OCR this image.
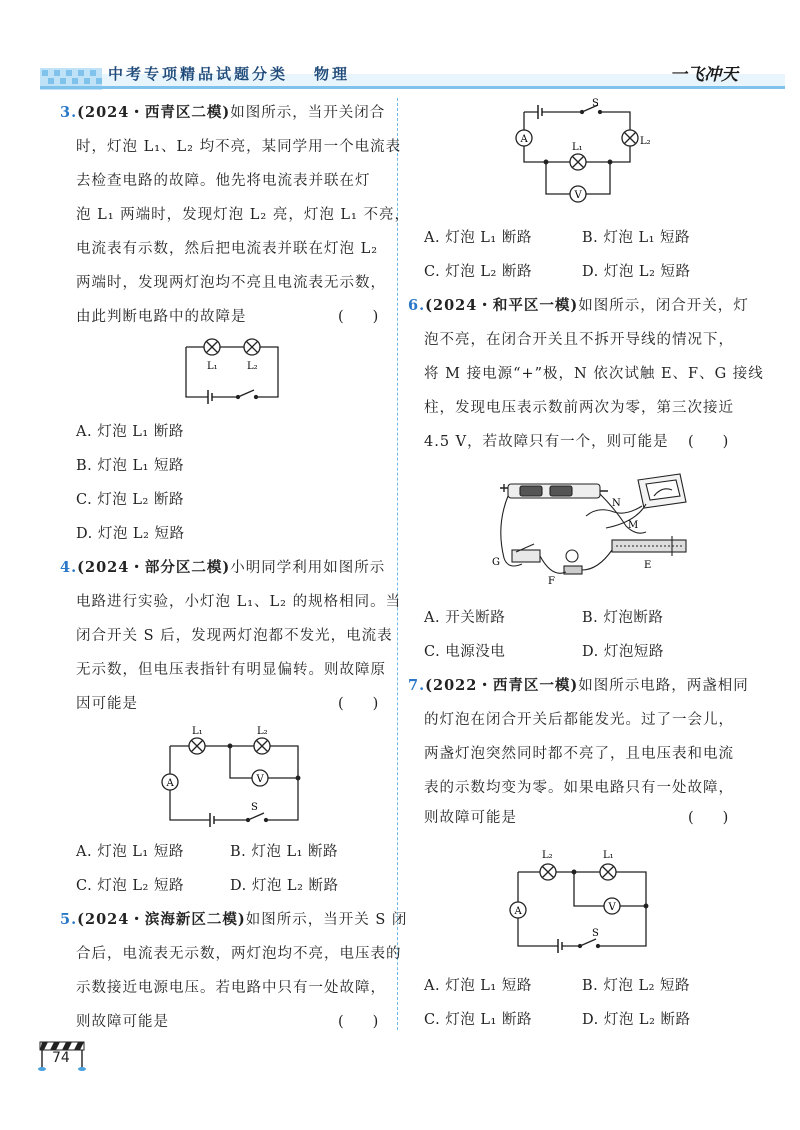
中考专项精品试题分类 物理	一飞冲天
3.(2024・西青区二模)如图所示，当开关闭合
时，灯泡 L₁、L₂ 均不亮，某同学用一个电流表
去检查电路的故障。他先将电流表并联在灯
泡 L₁ 两端时，发现灯泡 L₂ 亮，灯泡 L₁ 不亮，
电流表有示数，然后把电流表并联在灯泡 L₂
两端时，发现两灯泡均不亮且电流表无示数，
由此判断电路中的故障是	(　　)
L₁	L₂
A. 灯泡 L₁ 断路
B. 灯泡 L₁ 短路
C. 灯泡 L₂ 断路
D. 灯泡 L₂ 短路
4.(2024・部分区二模)小明同学利用如图所示
电路进行实验，小灯泡 L₁、L₂ 的规格相同。当
闭合开关 S 后，发现两灯泡都不发光，电流表
无示数，但电压表指针有明显偏转。则故障原
因可能是	(　　)
L₁	L₂
A	V
S
A. 灯泡 L₁ 短路	B. 灯泡 L₁ 断路
C. 灯泡 L₂ 短路	D. 灯泡 L₂ 断路
5.(2024・滨海新区二模)如图所示，当开关 S 闭
合后，电流表无示数，两灯泡均不亮，电压表的
示数接近电源电压。若电路中只有一处故障，
则故障可能是	(　　)
S
A
L₁
L₂
V
A. 灯泡 L₁ 断路	B. 灯泡 L₁ 短路
C. 灯泡 L₂ 断路	D. 灯泡 L₂ 短路
6.(2024・和平区一模)如图所示，闭合开关，灯
泡不亮，在闭合开关且不拆开导线的情况下，
将 M 接电源“+”极，N 依次试触 E、F、G 接线
柱，发现电压表示数前两次为零，第三次接近
4.5 V，若故障只有一个，则可能是 (　　)
N
M
G
F
E
A. 开关断路	B. 灯泡断路
C. 电源没电	D. 灯泡短路
7.(2022・西青区一模)如图所示电路，两盏相同
的灯泡在闭合开关后都能发光。过了一会儿，
两盏灯泡突然同时都不亮了，且电压表和电流
表的示数均变为零。如果电路只有一处故障，
则故障可能是	(　　)
L₂	L₁
A	V
S
A. 灯泡 L₁ 短路	B. 灯泡 L₂ 短路
C. 灯泡 L₁ 断路	D. 灯泡 L₂ 断路
74
